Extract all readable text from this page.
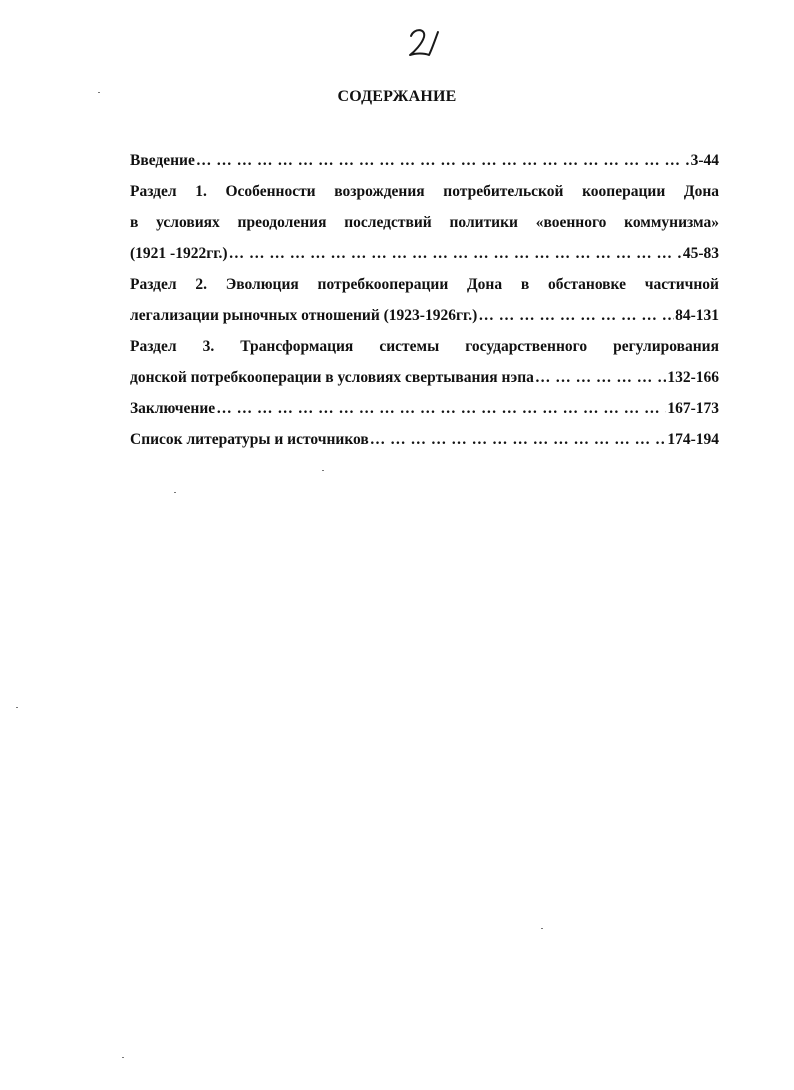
СОДЕРЖАНИЕ
Введение … … … … … … … … … … … … … … … … … … … … … … … … … … … … … … … … … … … … … … … … … … … … … … … … …	3-44
Раздел 1. Особенности возрождения потребительской кооперации Дона
в условиях преодоления последствий политики «военного коммунизма»
(1921 -1922гг.) … … … … … … … … … … … … … … … … … … … … … … … … … … … … … … … … … … … … … … … … … … … … … … … … …	45-83
Раздел 2. Эволюция потребкооперации Дона в обстановке частичной
легализации рыночных отношений (1923-1926гг.) … … … … … … … … … … … … … … … … … … … … … … … … … … … … … … … … … … … … … … … … … … … … … … … … …	84-131
Раздел 3. Трансформация системы государственного регулирования
донской потребкооперации в условиях свертывания нэпа … … … … … … … … … … … … … … … … … … … … … … … … … … … … … … … … … … … … … … … … … … … … … … … … …	132-166
Заключение … … … … … … … … … … … … … … … … … … … … … … … … … … … … … … … … … … … … … … … … … … … … … … … … …	167-173
Список литературы и источников … … … … … … … … … … … … … … … … … … … … … … … … … … … … … … … … … … … … … … … … … … … … … … … … …	174-194
